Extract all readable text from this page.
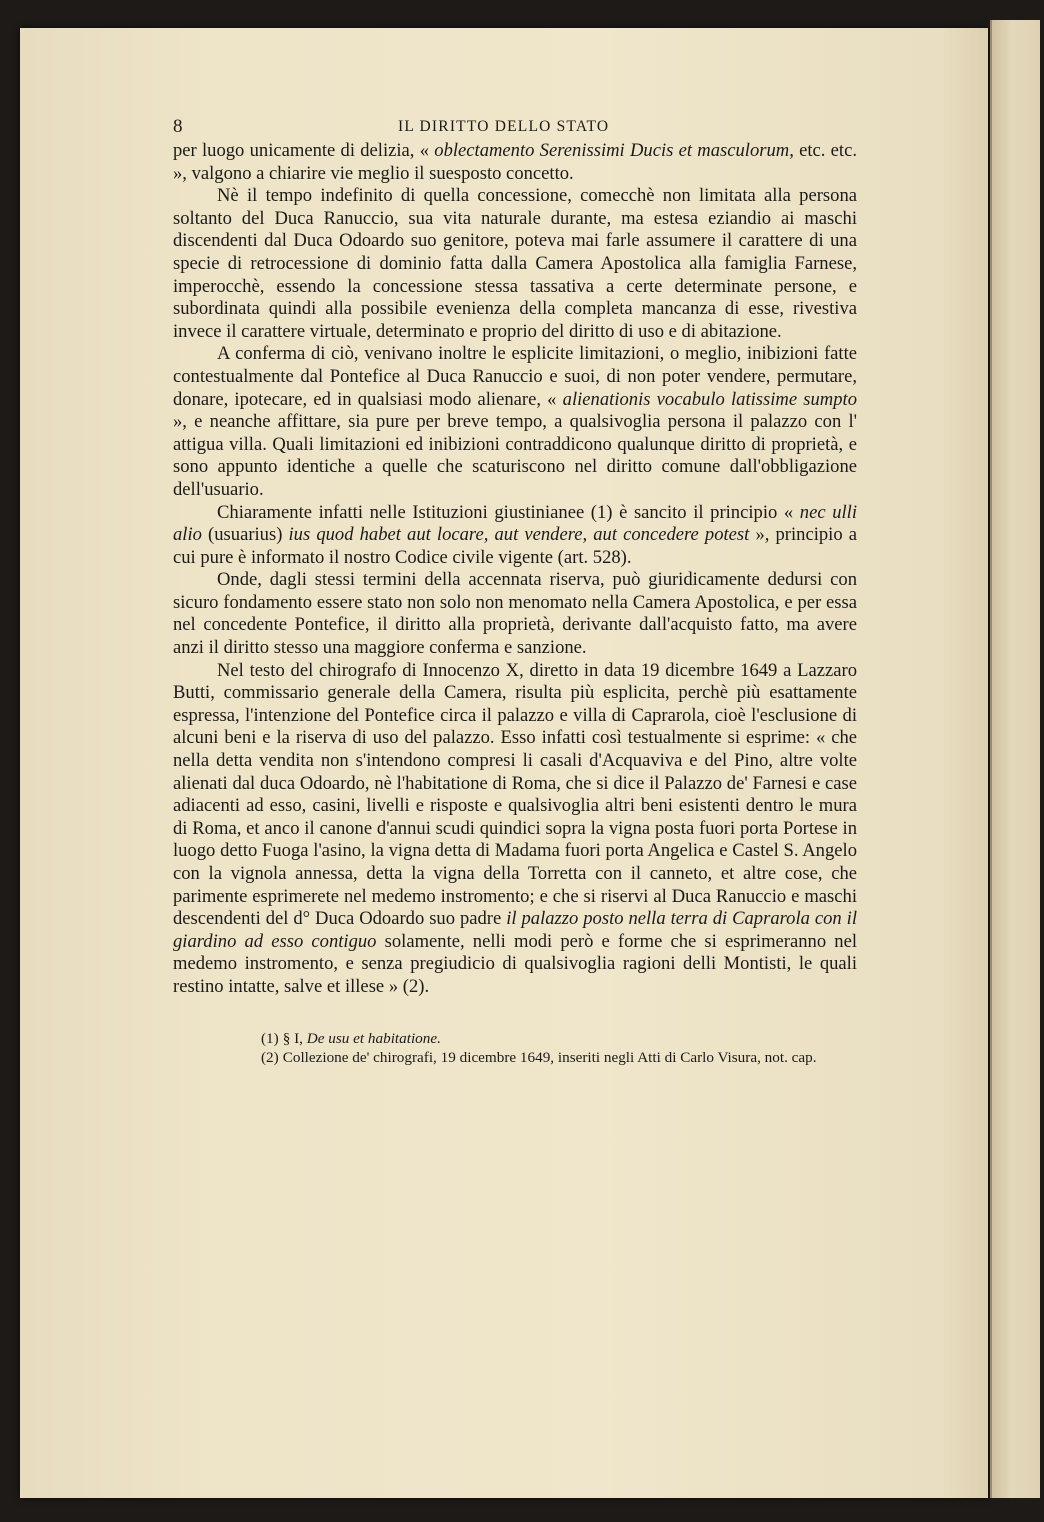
8	IL DIRITTO DELLO STATO

per luogo unicamente di delizia, « oblectamento Serenissimi Ducis et masculorum, etc. etc. », valgono a chiarire vie meglio il suesposto concetto.

Nè il tempo indefinito di quella concessione, comecchè non limitata alla persona soltanto del Duca Ranuccio, sua vita naturale durante, ma estesa eziandio ai maschi discendenti dal Duca Odoardo suo genitore, poteva mai farle assumere il carattere di una specie di retrocessione di dominio fatta dalla Camera Apostolica alla famiglia Farnese, imperocchè, essendo la concessione stessa tassativa a certe determinate persone, e subordinata quindi alla possibile evenienza della completa mancanza di esse, rivestiva invece il carattere virtuale, determinato e proprio del diritto di uso e di abitazione.

A conferma di ciò, venivano inoltre le esplicite limitazioni, o meglio, inibizioni fatte contestualmente dal Pontefice al Duca Ranuccio e suoi, di non poter vendere, permutare, donare, ipotecare, ed in qualsiasi modo alienare, « alienationis vocabulo latissime sumpto », e neanche affittare, sia pure per breve tempo, a qualsivoglia persona il palazzo con l' attigua villa. Quali limitazioni ed inibizioni contraddicono qualunque diritto di proprietà, e sono appunto identiche a quelle che scaturiscono nel diritto comune dall'obbligazione dell'usuario.

Chiaramente infatti nelle Istituzioni giustinianee (1) è sancito il principio « nec ulli alio (usuarius) ius quod habet aut locare, aut vendere, aut concedere potest », principio a cui pure è informato il nostro Codice civile vigente (art. 528).

Onde, dagli stessi termini della accennata riserva, può giuridicamente dedursi con sicuro fondamento essere stato non solo non menomato nella Camera Apostolica, e per essa nel concedente Pontefice, il diritto alla proprietà, derivante dall'acquisto fatto, ma avere anzi il diritto stesso una maggiore conferma e sanzione.

Nel testo del chirografo di Innocenzo X, diretto in data 19 dicembre 1649 a Lazzaro Butti, commissario generale della Camera, risulta più esplicita, perchè più esattamente espressa, l'intenzione del Pontefice circa il palazzo e villa di Caprarola, cioè l'esclusione di alcuni beni e la riserva di uso del palazzo. Esso infatti così testualmente si esprime: « che nella detta vendita non s'intendono compresi li casali d'Acquaviva e del Pino, altre volte alienati dal duca Odoardo, nè l'habitatione di Roma, che si dice il Palazzo de' Farnesi e case adiacenti ad esso, casini, livelli e risposte e qualsivoglia altri beni esistenti dentro le mura di Roma, et anco il canone d'annui scudi quindici sopra la vigna posta fuori porta Portese in luogo detto Fuoga l'asino, la vigna detta di Madama fuori porta Angelica e Castel S. Angelo con la vignola annessa, detta la vigna della Torretta con il canneto, et altre cose, che parimente esprimerete nel medemo instromento; e che si riservi al Duca Ranuccio e maschi descendenti del d° Duca Odoardo suo padre il palazzo posto nella terra di Caprarola con il giardino ad esso contiguo solamente, nelli modi però e forme che si esprimeranno nel medemo instromento, e senza pregiudicio di qualsivoglia ragioni delli Montisti, le quali restino intatte, salve et illese » (2).

(1) § I, De usu et habitatione.

(2) Collezione de' chirografi, 19 dicembre 1649, inseriti negli Atti di Carlo Visura, not. cap.
